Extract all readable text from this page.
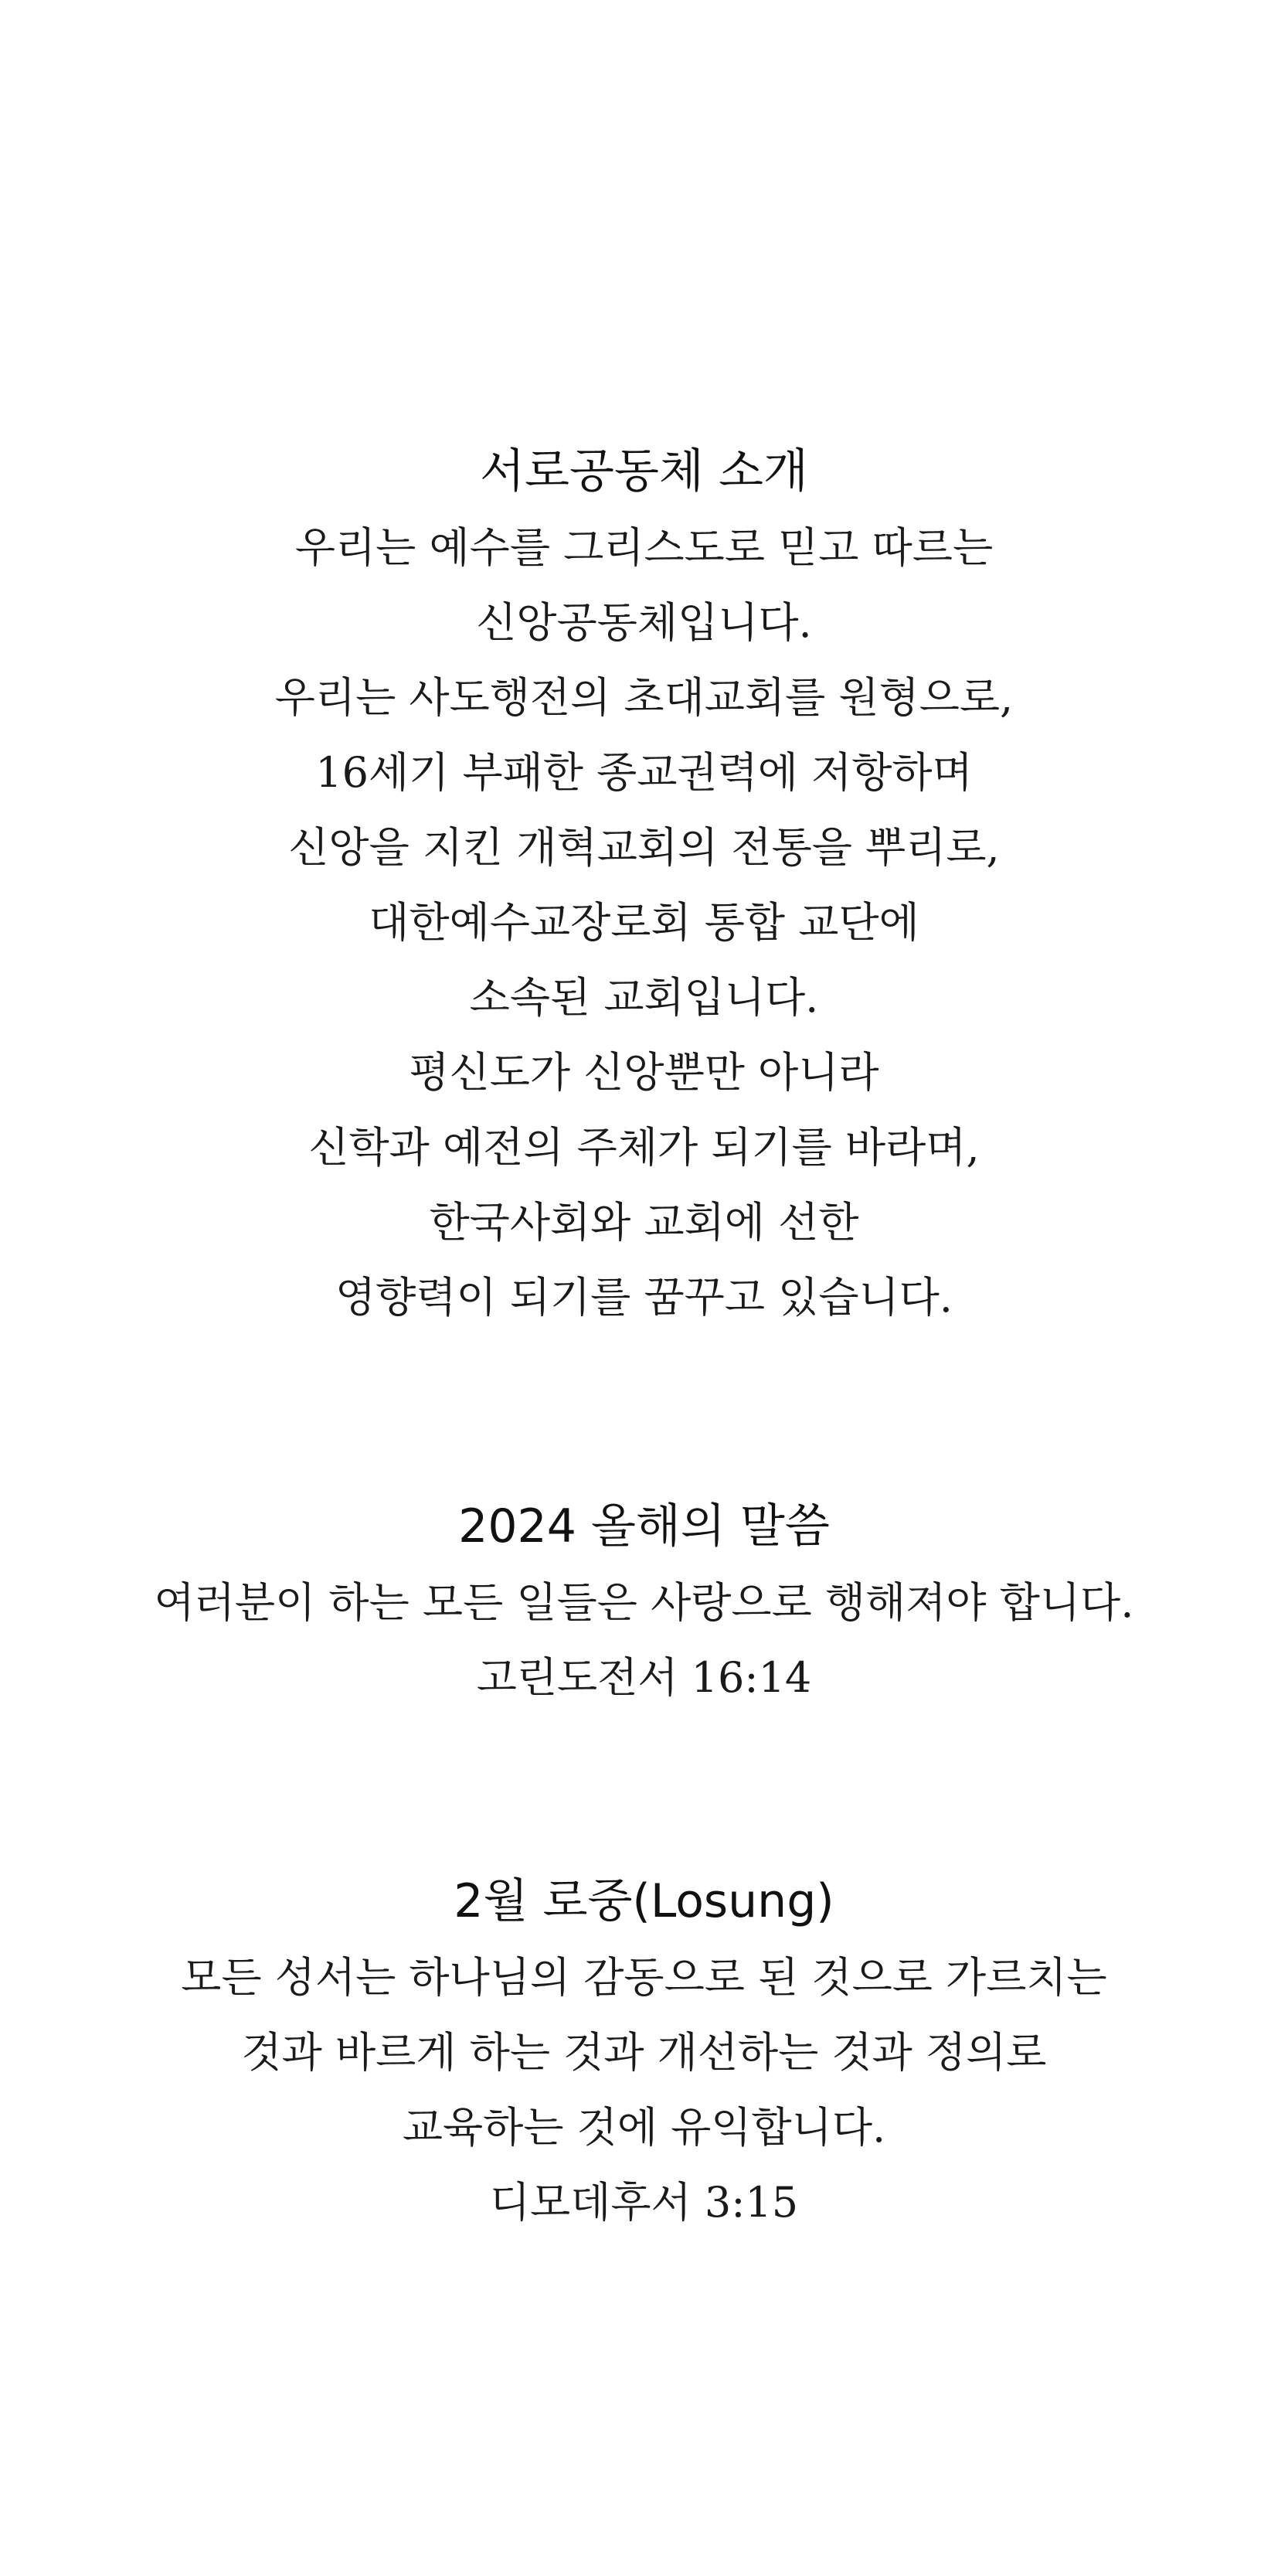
서로공동체 소개
우리는 예수를 그리스도로 믿고 따르는
신앙공동체입니다.
우리는 사도행전의 초대교회를 원형으로,
16세기 부패한 종교권력에 저항하며
신앙을 지킨 개혁교회의 전통을 뿌리로,
대한예수교장로회 통합 교단에
소속된 교회입니다.
평신도가 신앙뿐만 아니라
신학과 예전의 주체가 되기를 바라며,
한국사회와 교회에 선한
영향력이 되기를 꿈꾸고 있습니다.
2024 올해의 말씀
여러분이 하는 모든 일들은 사랑으로 행해져야 합니다.
고린도전서 16:14
2월 로중(Losung)
모든 성서는 하나님의 감동으로 된 것으로 가르치는
것과 바르게 하는 것과 개선하는 것과 정의로
교육하는 것에 유익합니다.
디모데후서 3:15
